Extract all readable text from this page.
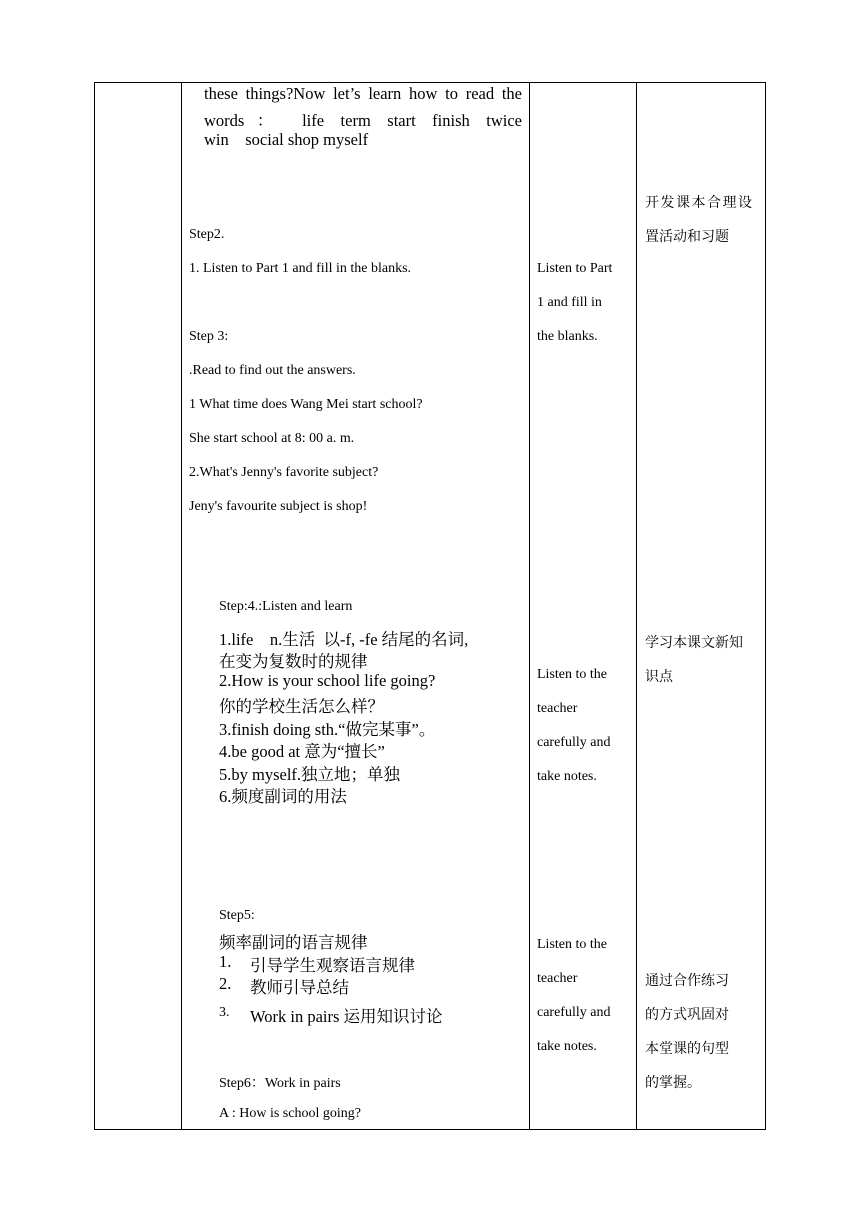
these things?Now let’s learn how to read the
words： life term start finish twice
win    social shop myself
Step2.
1. Listen to Part 1 and fill in the blanks.
Step 3:
.Read to find out the answers.
1 What time does Wang Mei start school?
She start school at 8: 00 a. m.
2.What's Jenny's favorite subject?
Jeny's favourite subject is shop!
Step:4.:Listen and learn
1.life    n.生活  以-f, -fe 结尾的名词,
在变为复数时的规律
2.How is your school life going?
你的学校生活怎么样？
3.finish doing sth.“做完某事”。
4.be good at 意为“擅长”
5.by myself.独立地；单独
6.频度副词的用法
Step5:
频率副词的语言规律
1. 引导学生观察语言规律
2. 教师引导总结
3. Work in pairs 运用知识讨论
Step6：Work in pairs
A : How is school going?
Listen to Part
1 and fill in
the blanks.
Listen to the
teacher
carefully and
take notes.
Listen to the
teacher
carefully and
take notes.
开发课本合理设
置活动和习题
学习本课文新知
识点
通过合作练习
的方式巩固对
本堂课的句型
的掌握。
